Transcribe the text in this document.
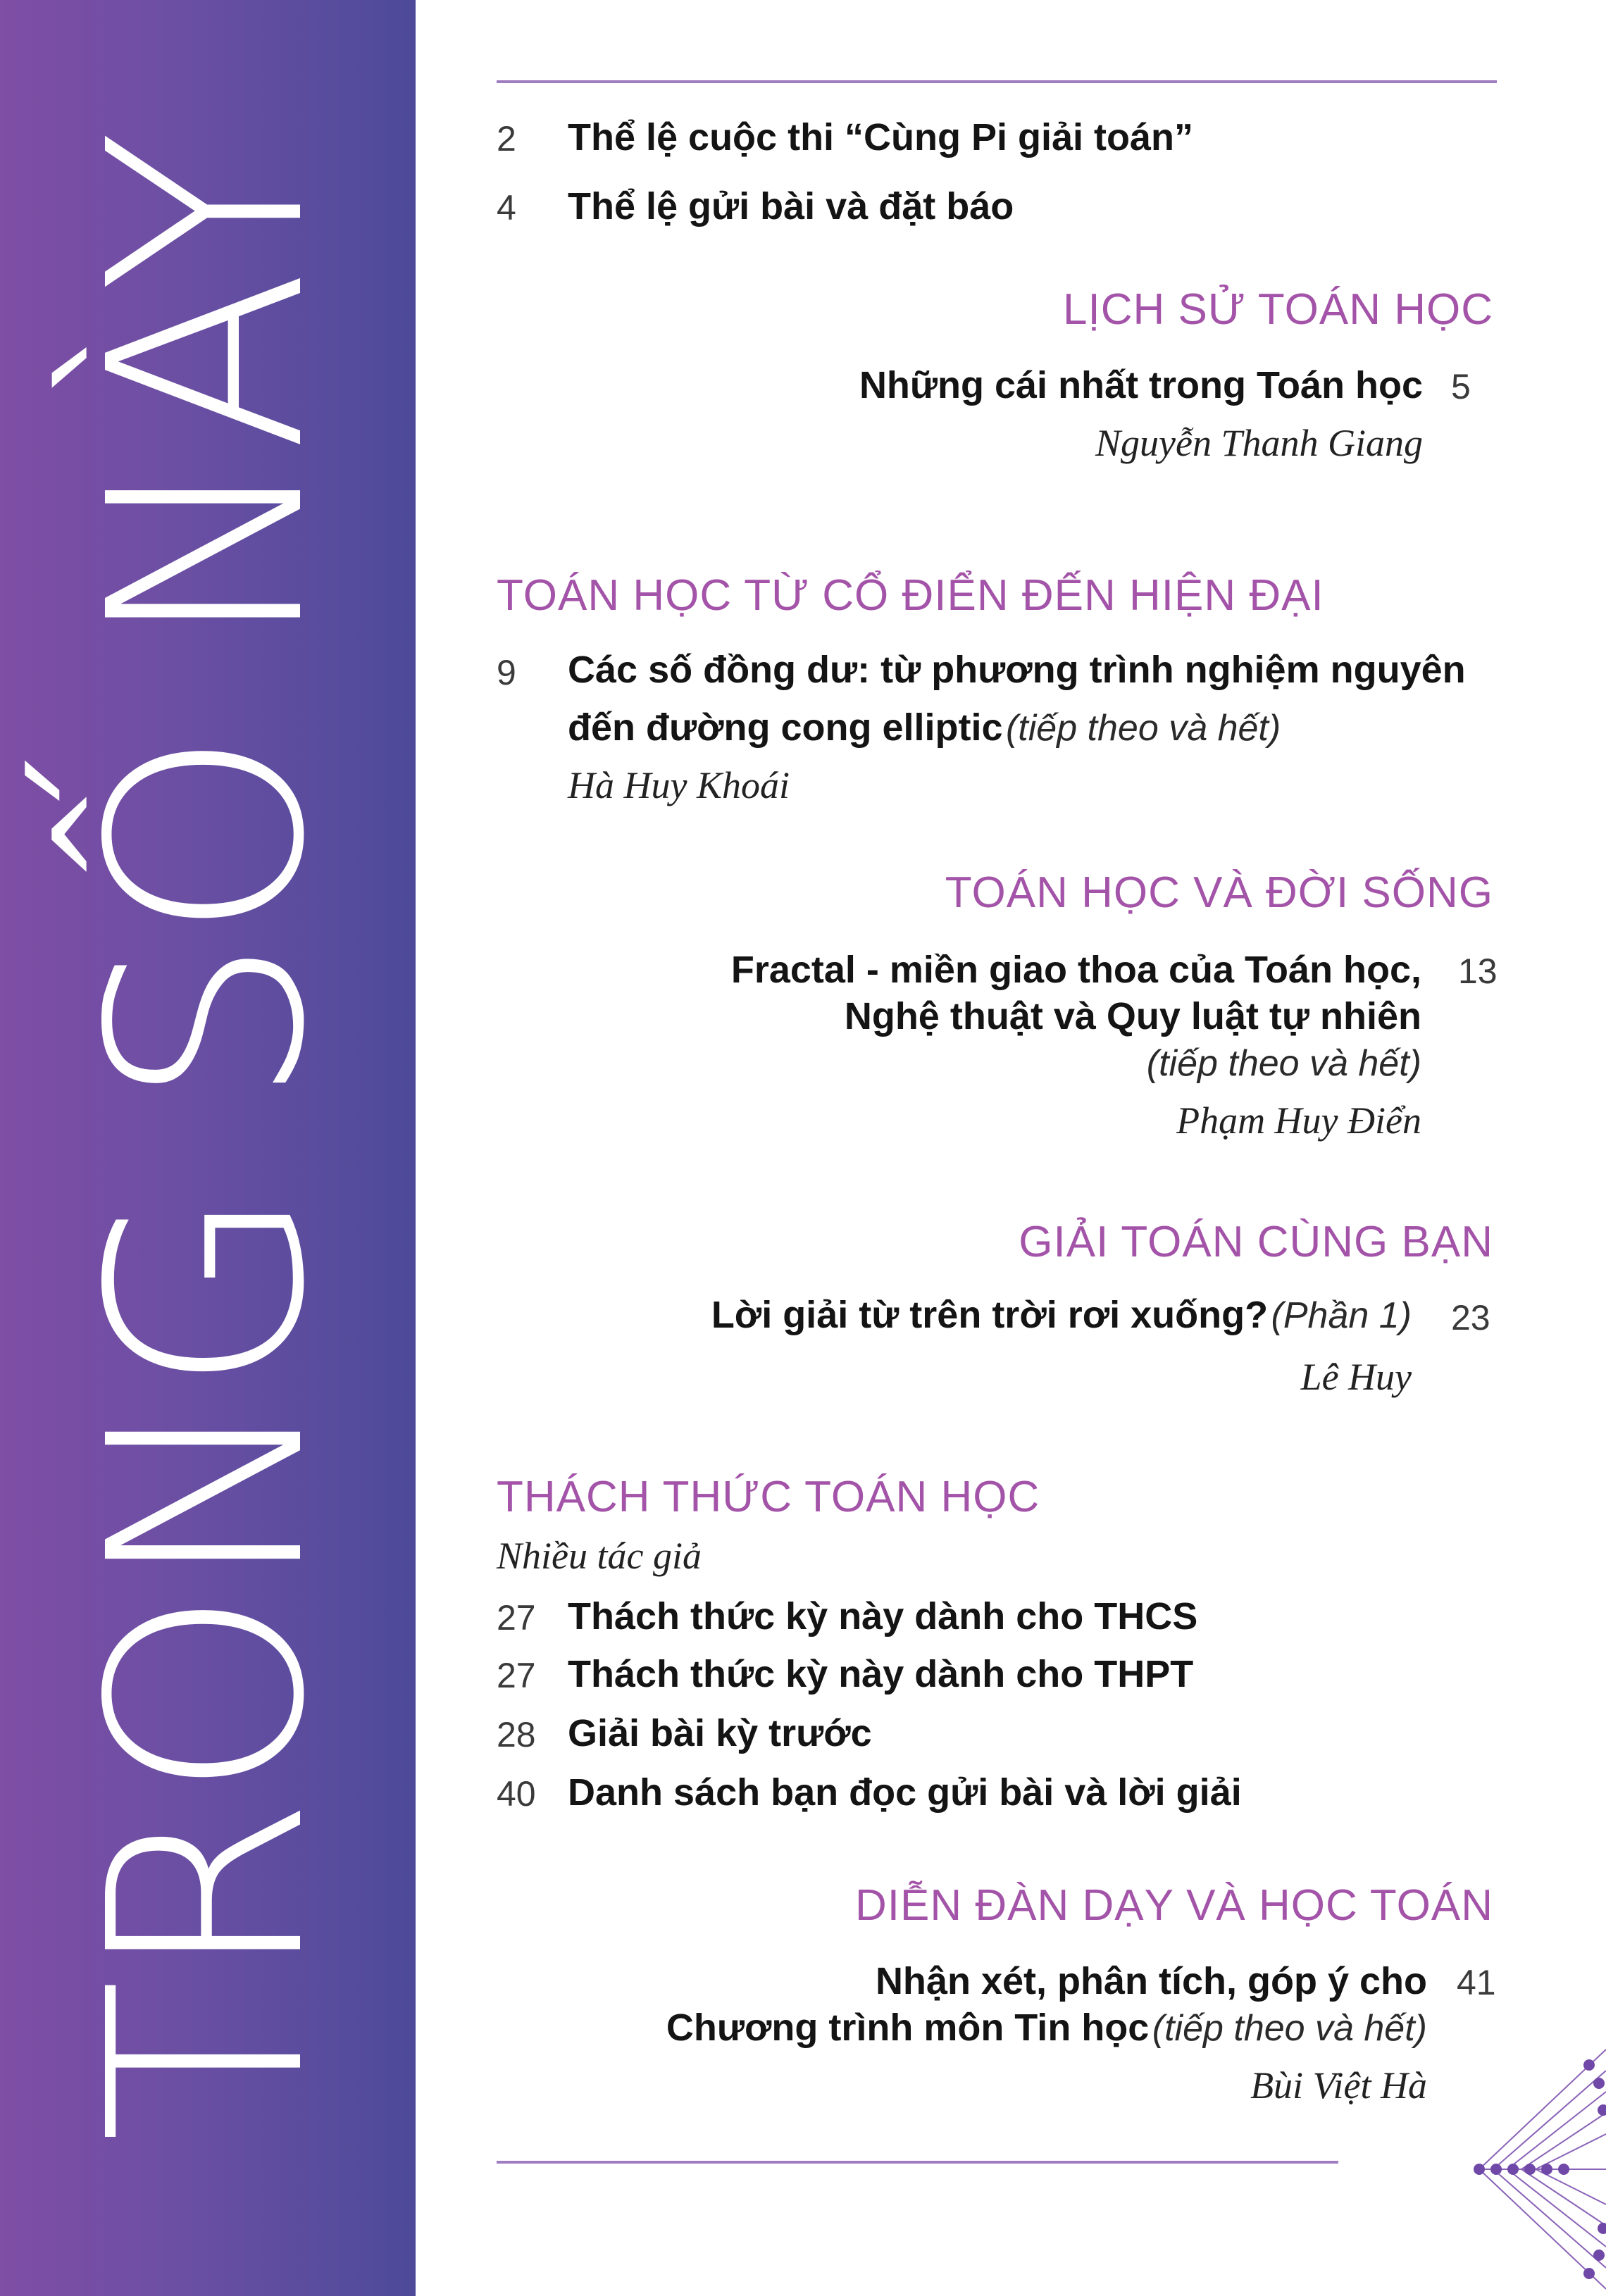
TRONG SỐ NÀY	2 Thể lệ cuộc thi “Cùng Pi giải toán”
4 Thể lệ gửi bài và đặt báo
LỊCH SỬ TOÁN HỌC
Những cái nhất trong Toán học 5
Nguyễn Thanh Giang
TOÁN HỌC TỪ CỔ ĐIỂN ĐẾN HIỆN ĐẠI
9 Các số đồng dư: từ phương trình nghiệm nguyên
đến đường cong elliptic (tiếp theo và hết)
Hà Huy Khoái
TOÁN HỌC VÀ ĐỜI SỐNG
Fractal - miền giao thoa của Toán học, 13
Nghệ thuật và Quy luật tự nhiên
(tiếp theo và hết)
Phạm Huy Điển
GIẢI TOÁN CÙNG BẠN
Lời giải từ trên trời rơi xuống? (Phần 1) 23
Lê Huy
THÁCH THỨC TOÁN HỌC
Nhiều tác giả
27 Thách thức kỳ này dành cho THCS
27 Thách thức kỳ này dành cho THPT
28 Giải bài kỳ trước
40 Danh sách bạn đọc gửi bài và lời giải
DIỄN ĐÀN DẠY VÀ HỌC TOÁN
Nhận xét, phân tích, góp ý cho 41
Chương trình môn Tin học (tiếp theo và hết)
Bùi Việt Hà
